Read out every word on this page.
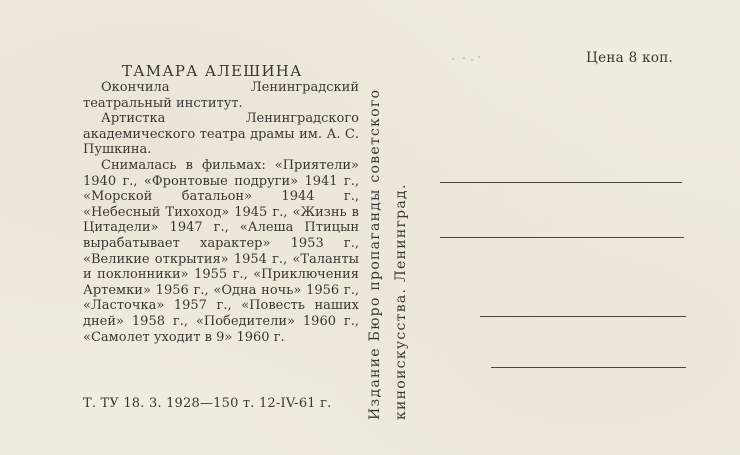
ТАМАРА АЛЕШИНА

Окончила Ленинградский театральный институт.

Артистка Ленинградского академического театра драмы им. А. С. Пушкина.

Снималась в фильмах: «Приятели» 1940 г., «Фронтовые подруги» 1941 г., «Морской батальон» 1944 г., «Небесный Тихоход» 1945 г., «Жизнь в Цитадели» 1947 г., «Алеша Птицын вырабатывает характер» 1953 г., «Великие открытия» 1954 г., «Таланты и поклонники» 1955 г., «Приключения Артемки» 1956 г., «Одна ночь» 1956 г., «Ласточка» 1957 г., «Повесть наших дней» 1958 г., «Победители» 1960 г., «Самолет уходит в 9» 1960 г.

Т. ТУ 18. 3. 1928—150 т. 12-IV-61 г.	Издание Бюро пропаганды советского киноискусства. Ленинград.
Цена 8 коп.
